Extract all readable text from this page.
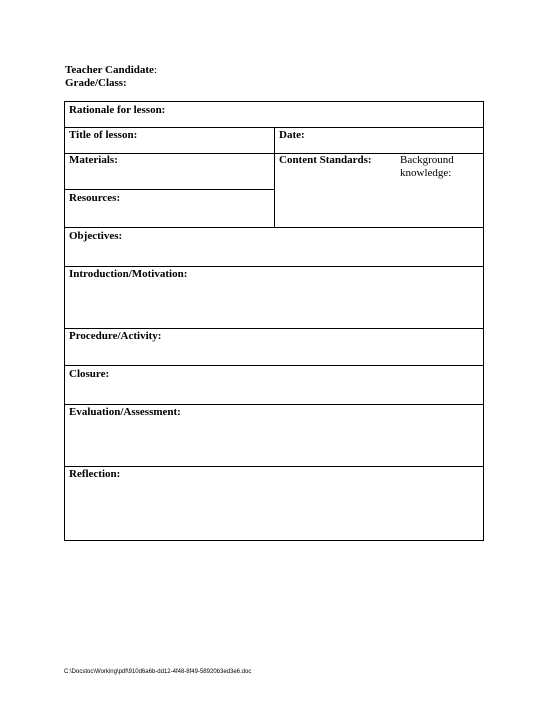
Teacher Candidate:
Grade/Class:
Rationale for lesson:
Title of lesson:	Date:
Materials:	Content Standards:	Background knowledge:
Resources:
Objectives:
Introduction/Motivation:
Procedure/Activity:
Closure:
Evaluation/Assessment:
Reflection:
C:\Docstoc\Working\pdf\910d6a6b-dd12-4f48-8f49-58920b3ed3e6.doc
